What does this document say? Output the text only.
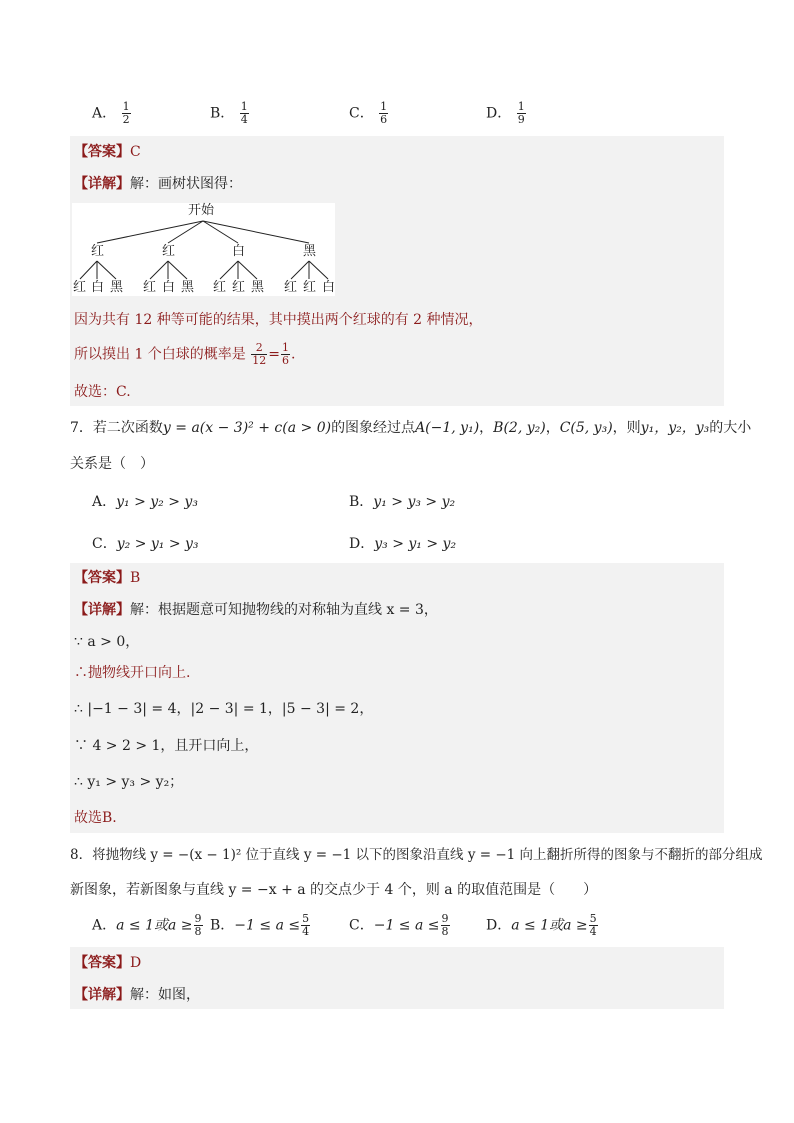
A． $\frac{1}{2}$	B． $\frac{1}{4}$	C． $\frac{1}{6}$	D． $\frac{1}{9}$
【答案】C
【详解】解：画树状图得：
开始
红	红	白	黑
红 白 黑 红 白 黑 红 红 黑 红 红 白
因为共有 12 种等可能的结果，其中摸出两个红球的有 2 种情况，
所以摸出 1 个白球的概率是 $\frac{2}{12} = \frac{1}{6}$ .
故选：C.
7．若二次函数y = a(x − 3)² + c(a > 0)的图象经过点A(−1, y₁)，B(2, y₂)，C(5, y₃)，则y₁，y₂，y₃的大小
关系是（　）
A．y₁ > y₂ > y₃	B．y₁ > y₃ > y₂
C．y₂ > y₁ > y₃	D．y₃ > y₁ > y₂
【答案】B
【详解】解：根据题意可知抛物线的对称轴为直线 x = 3，
∵ a > 0，
∴抛物线开口向上.
∴ |−1 − 3| = 4，|2 − 3| = 1，|5 − 3| = 2，
∵ 4 > 2 > 1，且开口向上，
∴ y₁ > y₃ > y₂；
故选B.
8．将抛物线 y = −(x − 1)² 位于直线 y = −1 以下的图象沿直线 y = −1 向上翻折所得的图象与不翻折的部分组成
新图象，若新图象与直线 y = −x + a 的交点少于 4 个，则 a 的取值范围是（　　）
A．a ≤ 1或$a \ge \frac{9}{8}$ B．$-1 \le a \le \frac{5}{4}$	C．$-1 \le a \le \frac{9}{8}$	D．a ≤ 1或$a \ge \frac{5}{4}$
【答案】D
【详解】解：如图，
